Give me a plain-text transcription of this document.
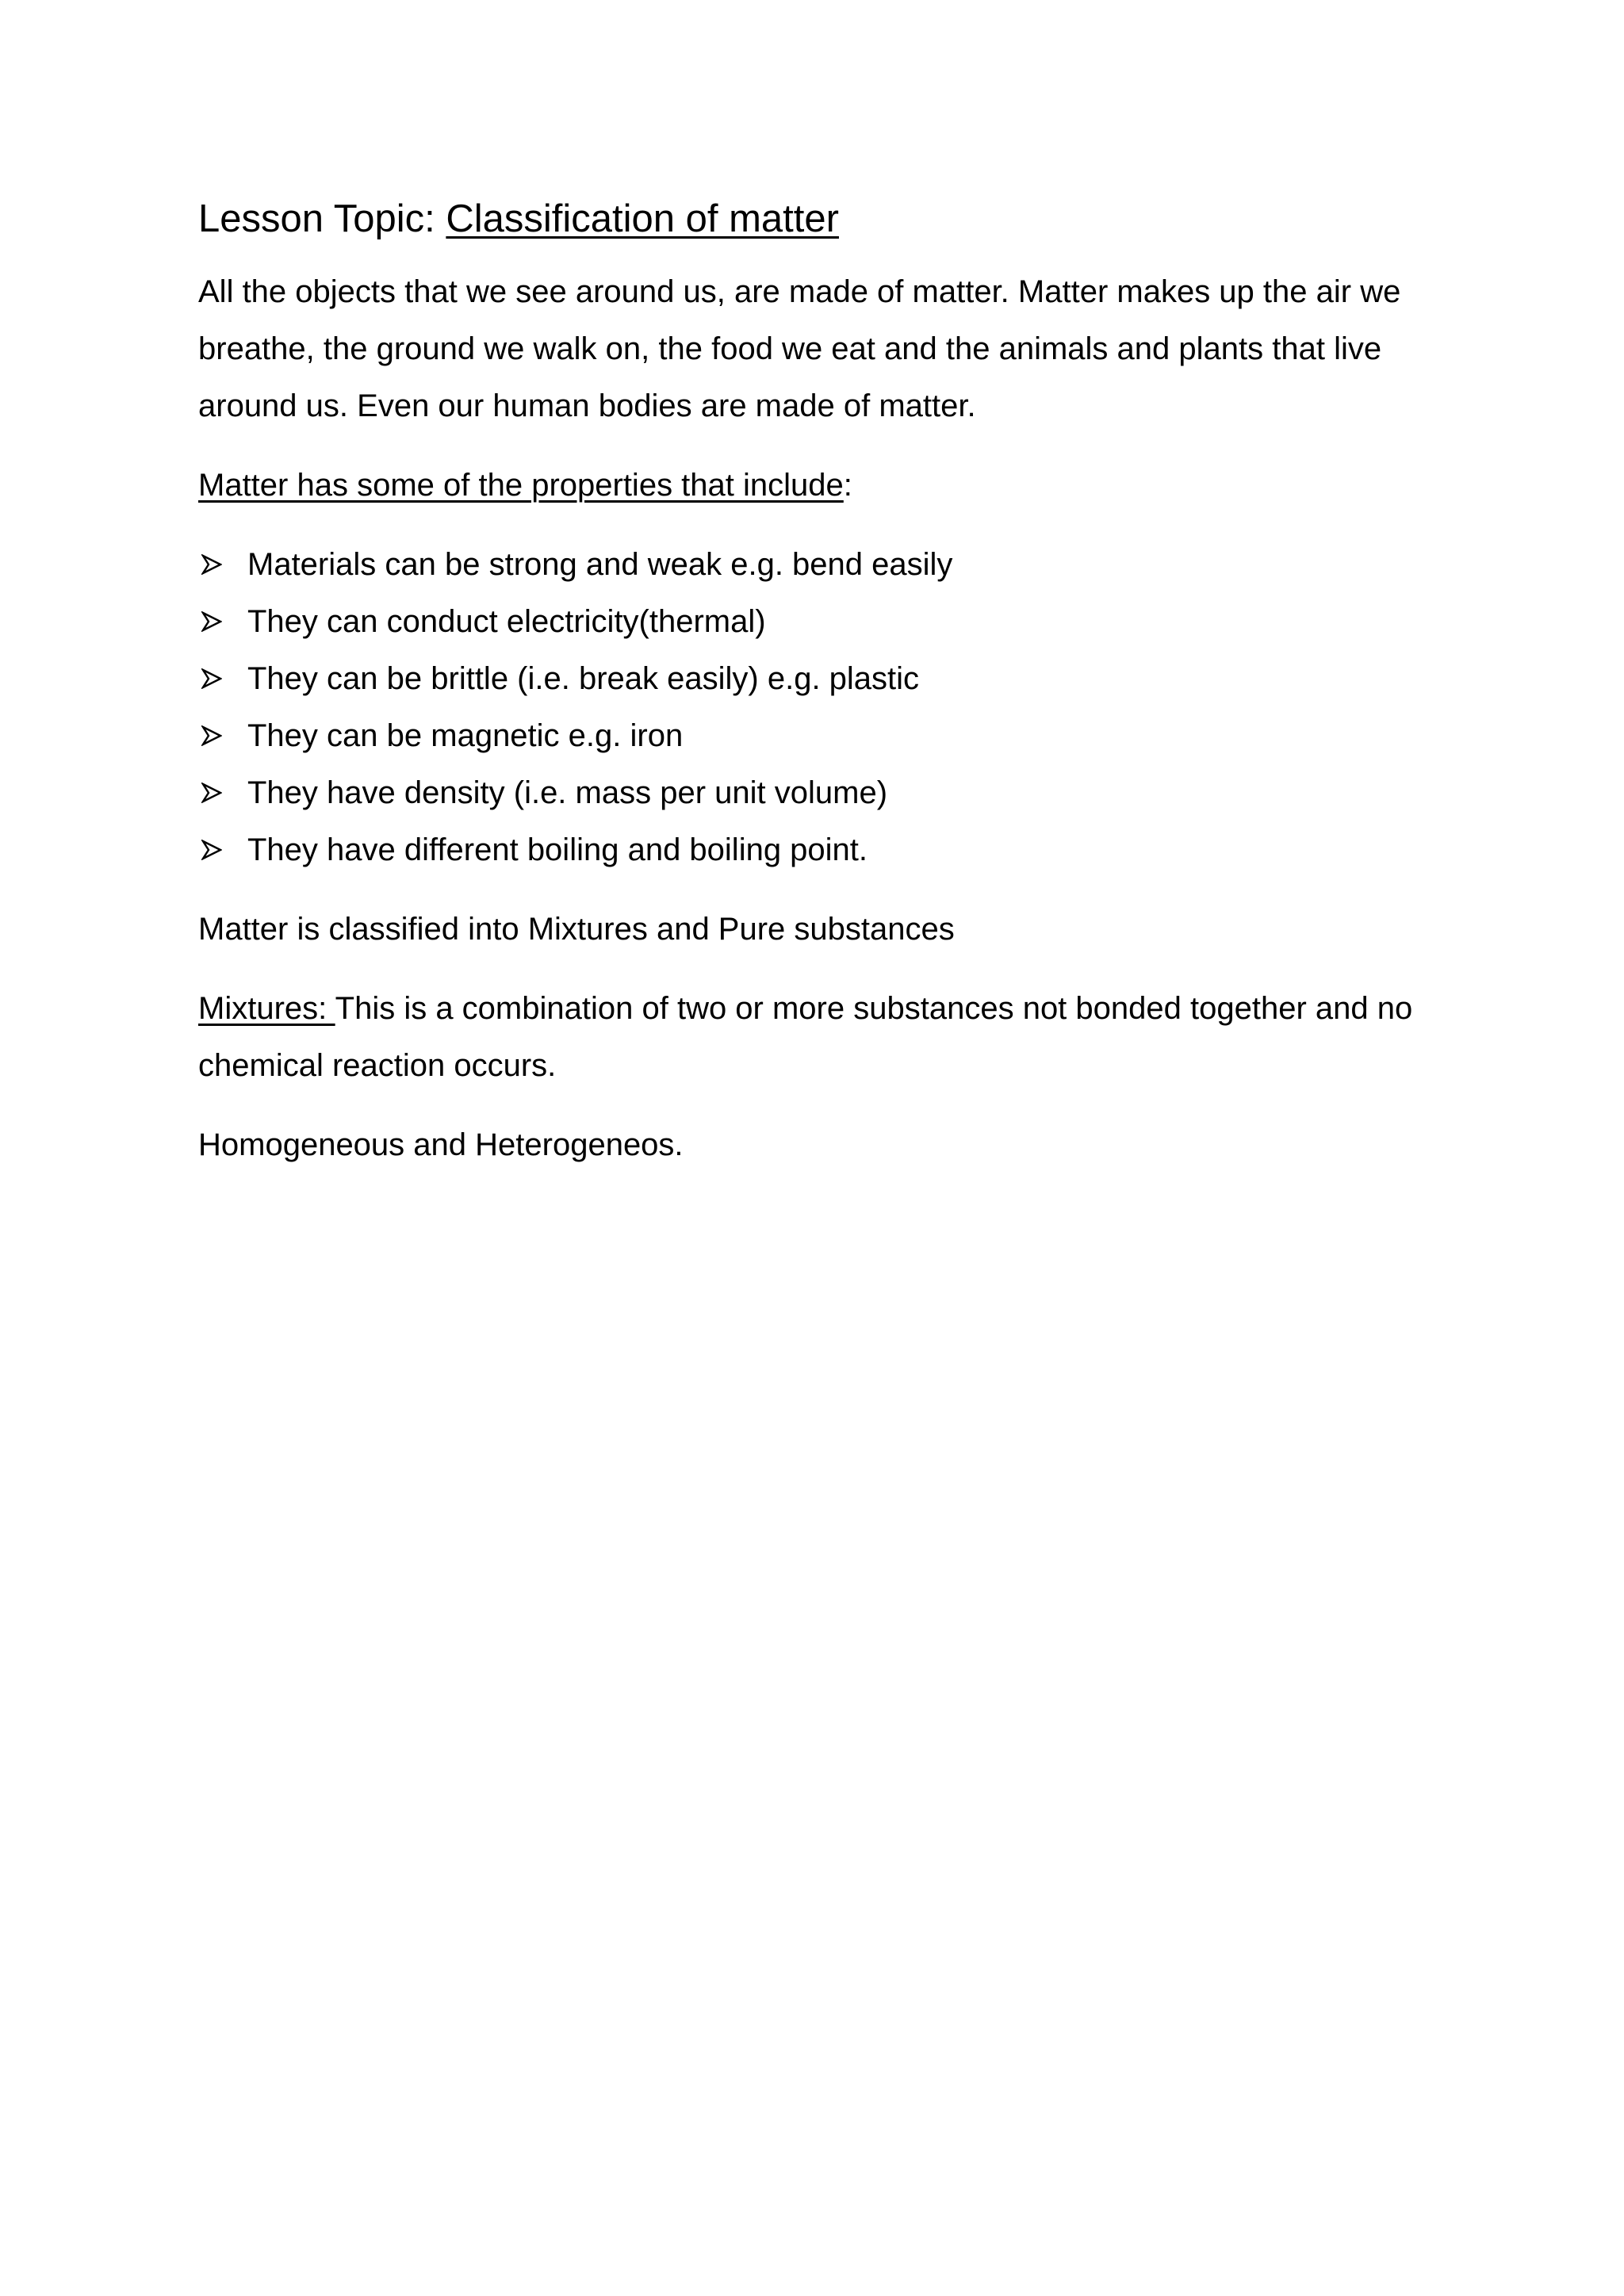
Lesson Topic: Classification of matter

All the objects that we see around us, are made of matter. Matter makes up the air we breathe, the ground we walk on, the food we eat and the animals and plants that live around us. Even our human bodies are made of matter.

Matter has some of the properties that include:

Materials can be strong and weak e.g. bend easily
They can conduct electricity(thermal)
They can be brittle (i.e. break easily) e.g. plastic
They can be magnetic e.g. iron
They have density (i.e. mass per unit volume)
They have different boiling and boiling point.

Matter is classified into Mixtures and Pure substances

Mixtures: This is a combination of two or more substances not bonded together and no chemical reaction occurs.

Homogeneous and Heterogeneos.
